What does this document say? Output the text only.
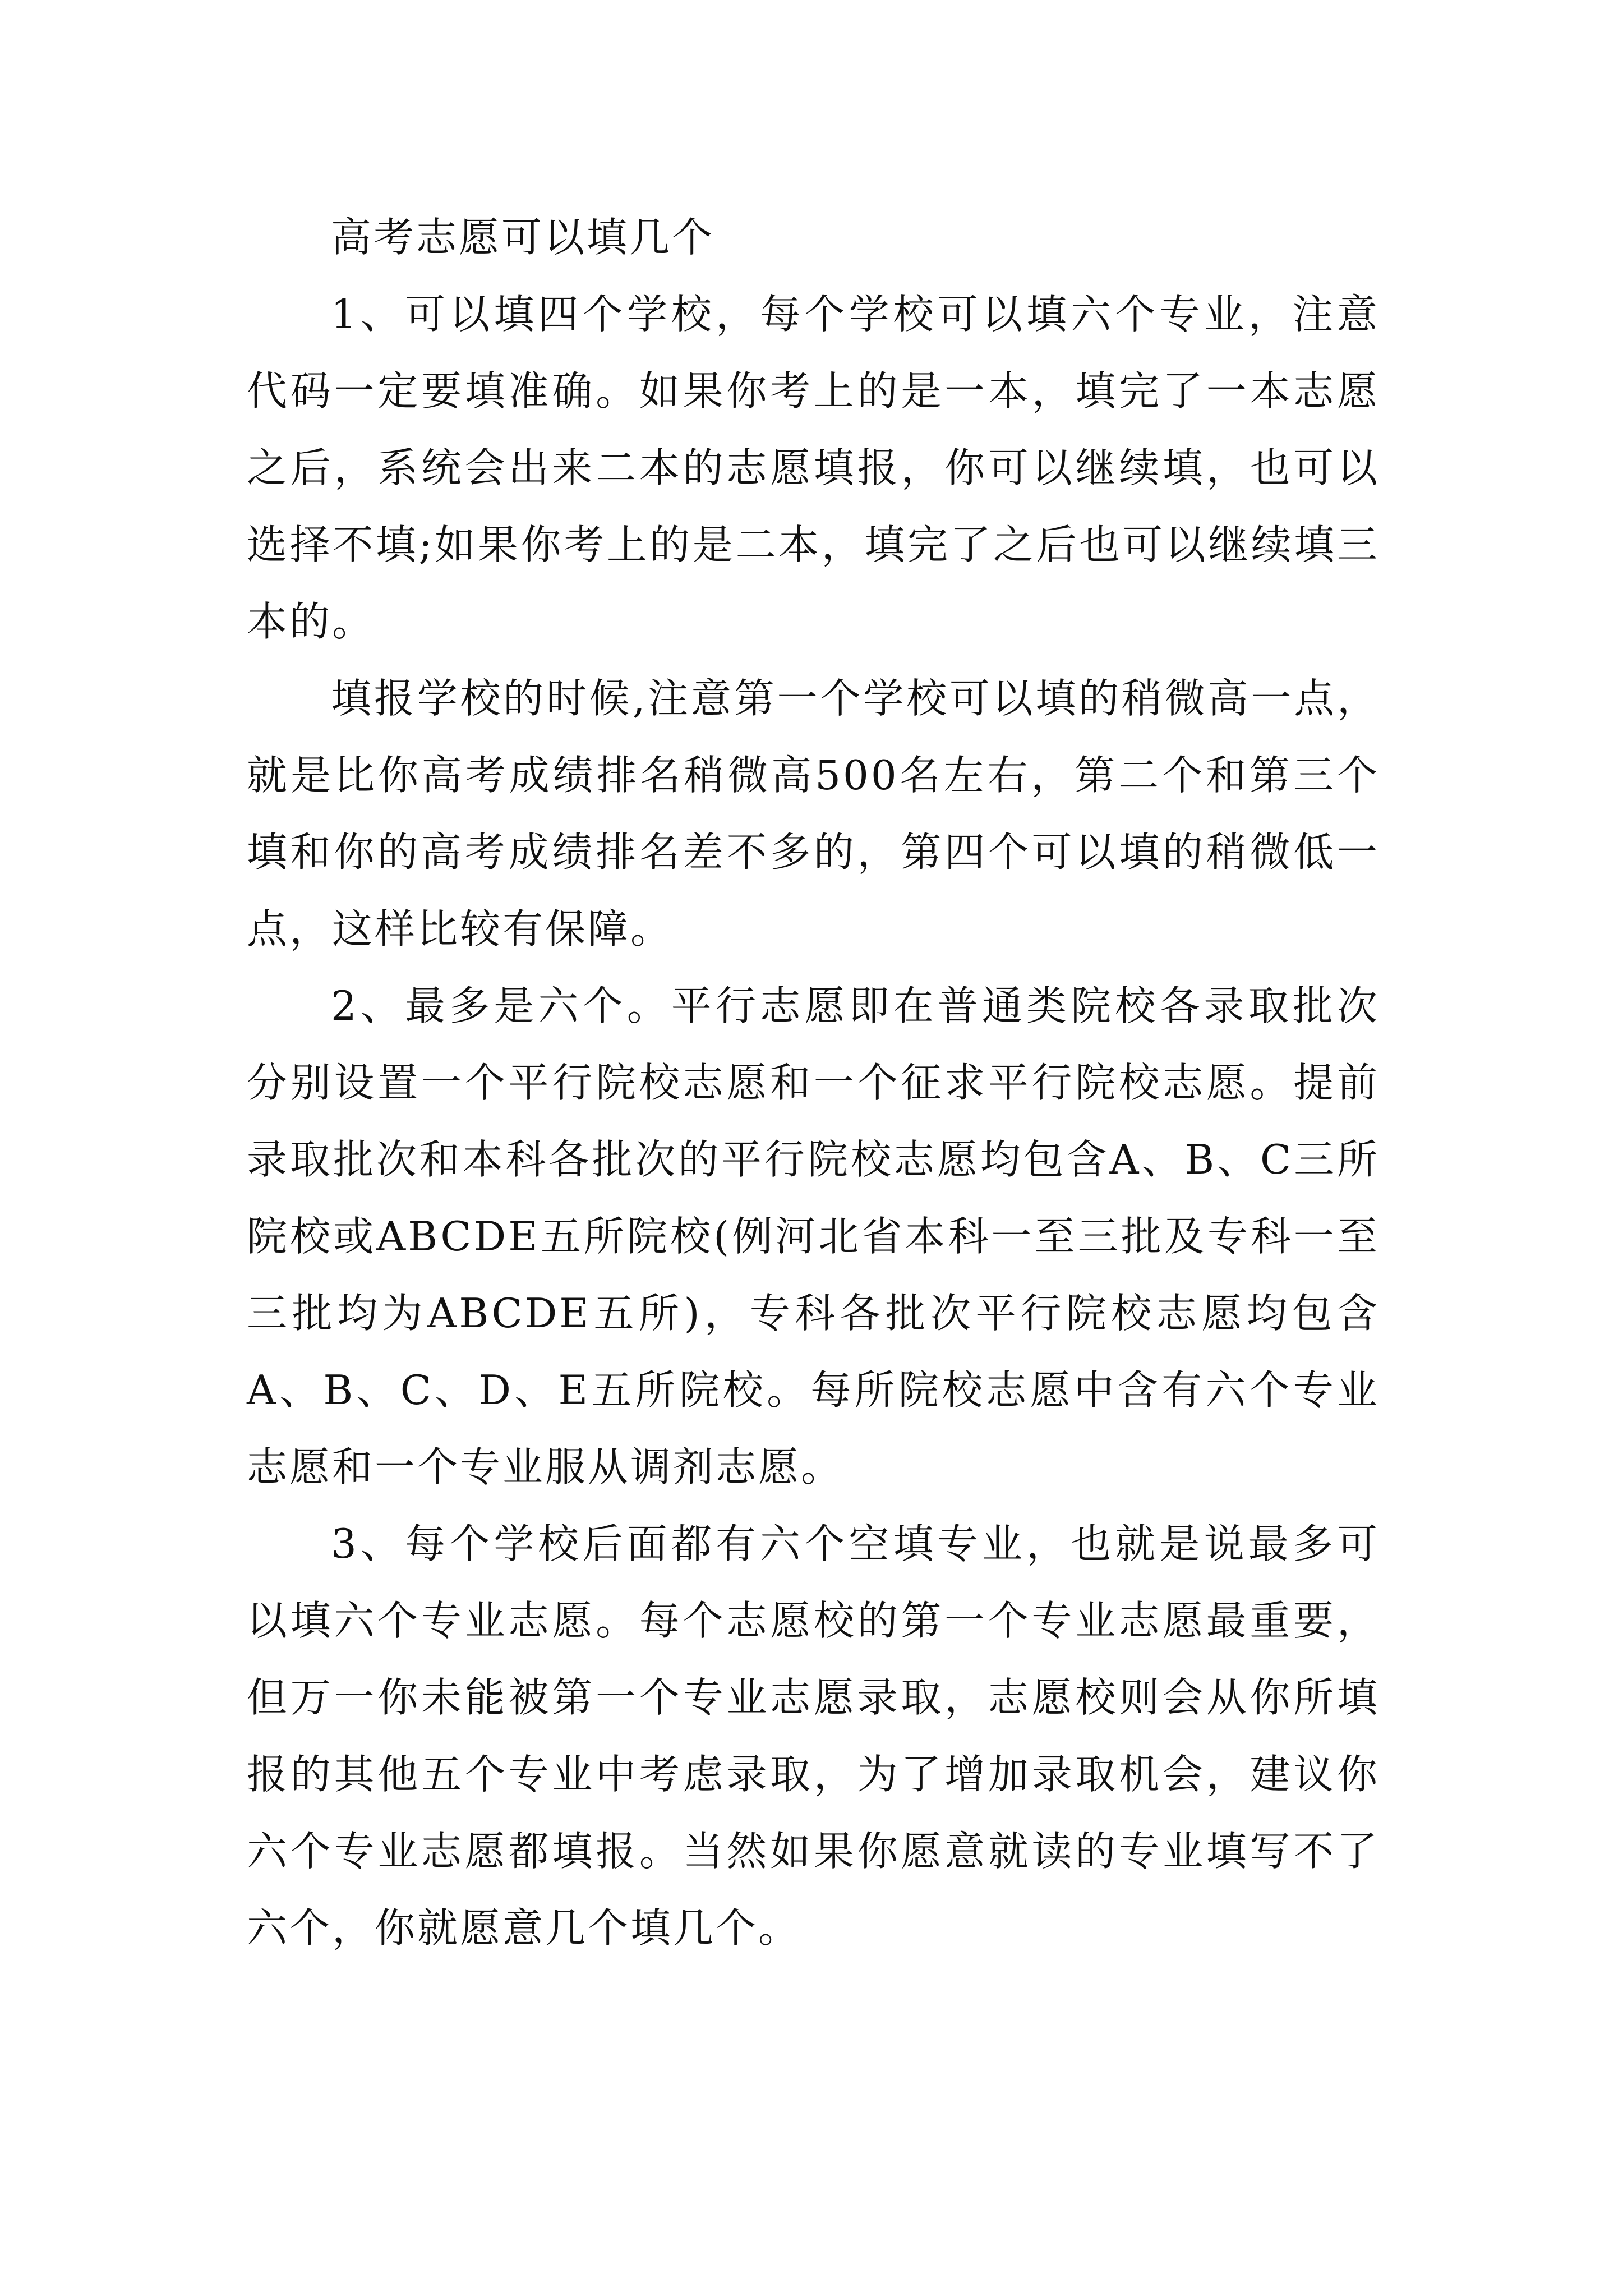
高考志愿可以填几个

1、可以填四个学校，每个学校可以填六个专业，注意代码一定要填准确。如果你考上的是一本，填完了一本志愿之后，系统会出来二本的志愿填报，你可以继续填，也可以选择不填;如果你考上的是二本，填完了之后也可以继续填三本的。

填报学校的时候,注意第一个学校可以填的稍微高一点，就是比你高考成绩排名稍微高500名左右，第二个和第三个填和你的高考成绩排名差不多的，第四个可以填的稍微低一点，这样比较有保障。

2、最多是六个。平行志愿即在普通类院校各录取批次分别设置一个平行院校志愿和一个征求平行院校志愿。提前录取批次和本科各批次的平行院校志愿均包含A、B、C三所院校或ABCDE五所院校(例河北省本科一至三批及专科一至三批均为ABCDE五所)，专科各批次平行院校志愿均包含A、B、C、D、E五所院校。每所院校志愿中含有六个专业志愿和一个专业服从调剂志愿。

3、每个学校后面都有六个空填专业，也就是说最多可以填六个专业志愿。每个志愿校的第一个专业志愿最重要，但万一你未能被第一个专业志愿录取，志愿校则会从你所填报的其他五个专业中考虑录取，为了增加录取机会，建议你六个专业志愿都填报。当然如果你愿意就读的专业填写不了六个，你就愿意几个填几个。
